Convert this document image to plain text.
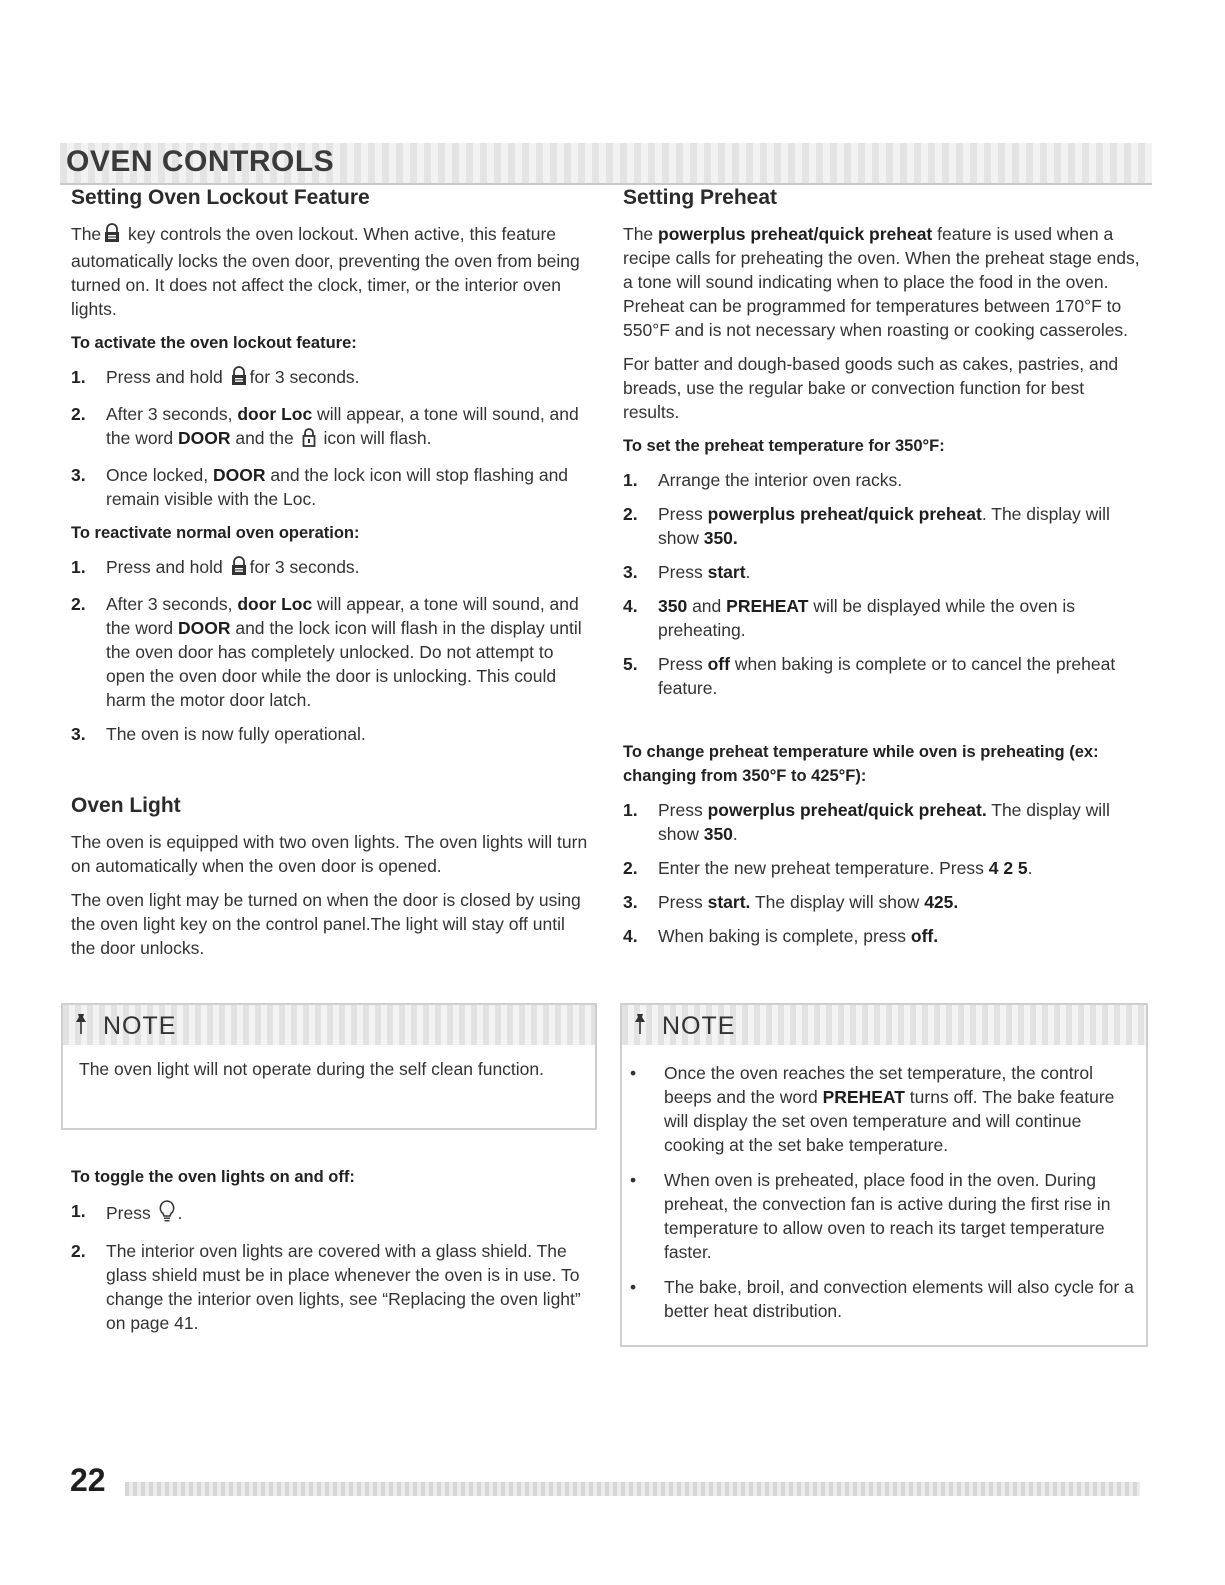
OVEN CONTROLS
Setting Oven Lockout Feature

The key controls the oven lockout. When active, this feature automatically locks the oven door, preventing the oven from being turned on. It does not affect the clock, timer, or the interior oven lights.

To activate the oven lockout feature:
1. Press and hold for 3 seconds.
2. After 3 seconds, door Loc will appear, a tone will sound, and the word DOOR and the icon will flash.
3. Once locked, DOOR and the lock icon will stop flashing and remain visible with the Loc.
To reactivate normal oven operation:
1. Press and hold for 3 seconds.
2. After 3 seconds, door Loc will appear, a tone will sound, and the word DOOR and the lock icon will flash in the display until the oven door has completely unlocked. Do not attempt to open the oven door while the door is unlocking. This could harm the motor door latch.
3. The oven is now fully operational.
Oven Light

The oven is equipped with two oven lights. The oven lights will turn on automatically when the oven door is opened.

The oven light may be turned on when the door is closed by using the oven light key on the control panel.The light will stay off until the door unlocks.

NOTE
The oven light will not operate during the self clean function.
To toggle the oven lights on and off:
1. Press .
2. The interior oven lights are covered with a glass shield. The glass shield must be in place whenever the oven is in use. To change the interior oven lights, see “Replacing the oven light” on page 41.
Setting Preheat

The powerplus preheat/quick preheat feature is used when a recipe calls for preheating the oven. When the preheat stage ends, a tone will sound indicating when to place the food in the oven. Preheat can be programmed for temperatures between 170°F to 550°F and is not necessary when roasting or cooking casseroles.

For batter and dough-based goods such as cakes, pastries, and breads, use the regular bake or convection function for best results.

To set the preheat temperature for 350°F:
1. Arrange the interior oven racks.
2. Press powerplus preheat/quick preheat. The display will show 350.
3. Press start.
4. 350 and PREHEAT will be displayed while the oven is preheating.
5. Press off when baking is complete or to cancel the preheat feature.
To change preheat temperature while oven is preheating (ex: changing from 350°F to 425°F):
1. Press powerplus preheat/quick preheat. The display will show 350.
2. Enter the new preheat temperature. Press 4 2 5.
3. Press start. The display will show 425.
4. When baking is complete, press off.
NOTE
• Once the oven reaches the set temperature, the control beeps and the word PREHEAT turns off. The bake feature will display the set oven temperature and will continue cooking at the set bake temperature.
• When oven is preheated, place food in the oven. During preheat, the convection fan is active during the first rise in temperature to allow oven to reach its target temperature faster.
• The bake, broil, and convection elements will also cycle for a better heat distribution.
22
